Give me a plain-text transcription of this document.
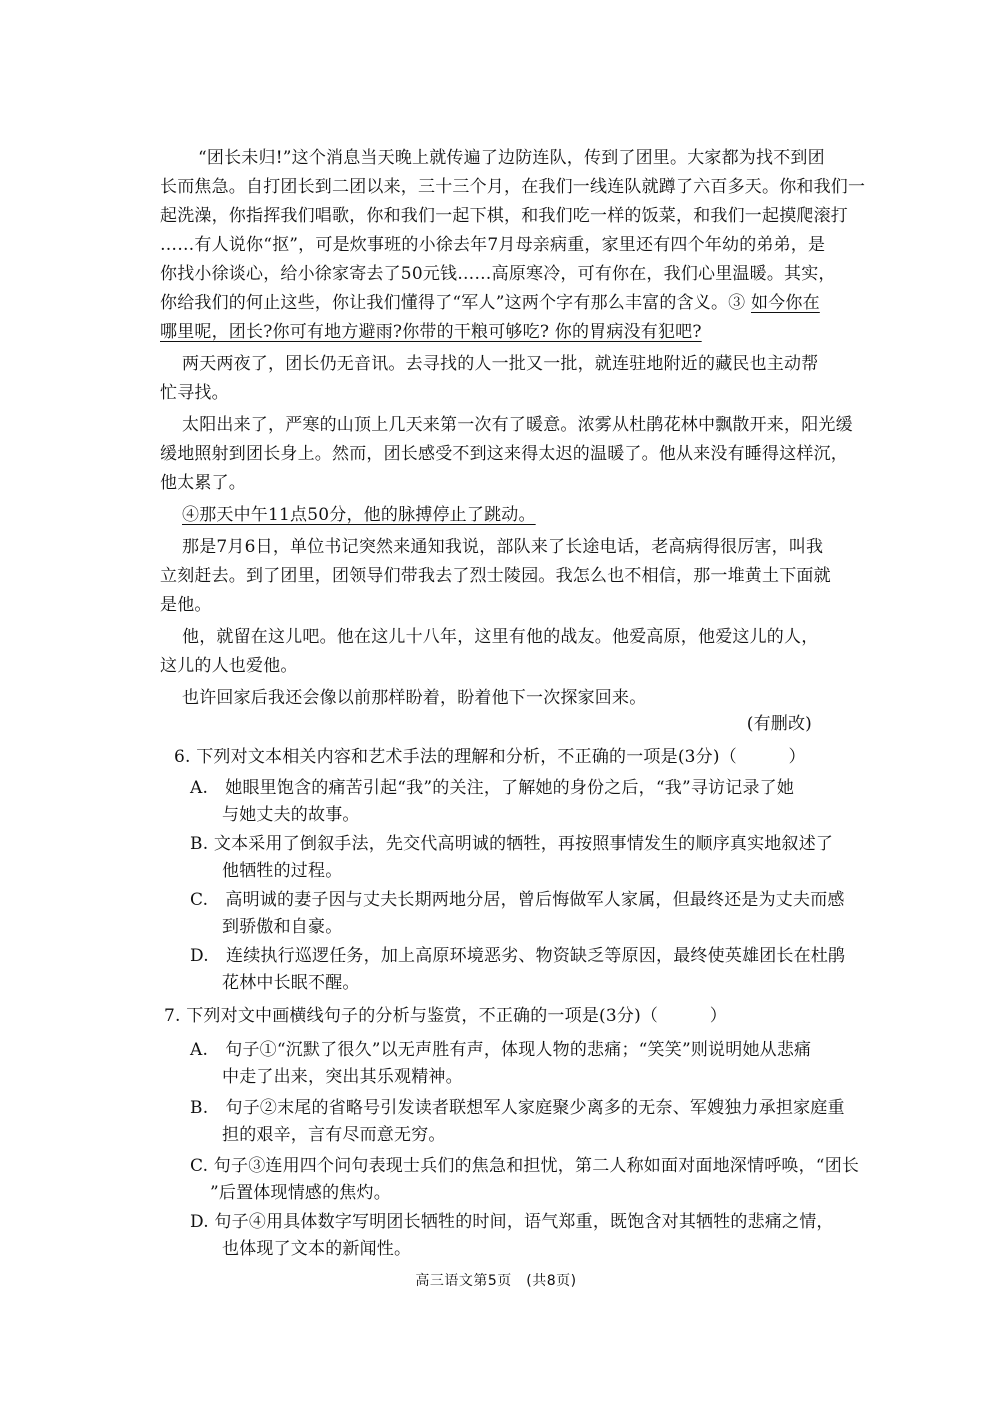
“团长未归!”这个消息当天晚上就传遍了边防连队，传到了团里。大家都为找不到团
长而焦急。自打团长到二团以来，三十三个月，在我们一线连队就蹲了六百多天。你和我们一
起洗澡，你指挥我们唱歌，你和我们一起下棋，和我们吃一样的饭菜，和我们一起摸爬滚打
……有人说你“抠”，可是炊事班的小徐去年7月母亲病重，家里还有四个年幼的弟弟，是
你找小徐谈心，给小徐家寄去了50元钱……高原寒冷，可有你在，我们心里温暖。其实，
你给我们的何止这些，你让我们懂得了“军人”这两个字有那么丰富的含义。③ 如今你在
哪里呢，团长?你可有地方避雨?你带的干粮可够吃? 你的胃病没有犯吧?
两天两夜了，团长仍无音讯。去寻找的人一批又一批，就连驻地附近的藏民也主动帮
忙寻找。
太阳出来了，严寒的山顶上几天来第一次有了暖意。浓雾从杜鹃花林中飘散开来，阳光缓
缓地照射到团长身上。然而，团长感受不到这来得太迟的温暖了。他从来没有睡得这样沉，
他太累了。
④那天中午11点50分，他的脉搏停止了跳动。
那是7月6日，单位书记突然来通知我说，部队来了长途电话，老高病得很厉害，叫我
立刻赶去。到了团里，团领导们带我去了烈士陵园。我怎么也不相信，那一堆黄土下面就
是他。
他，就留在这儿吧。他在这儿十八年，这里有他的战友。他爱高原，他爱这儿的人，
这儿的人也爱他。
也许回家后我还会像以前那样盼着，盼着他下一次探家回来。
(有删改)
6. 下列对文本相关内容和艺术手法的理解和分析，不正确的一项是(3分)（　　　）
A.　她眼里饱含的痛苦引起“我”的关注，了解她的身份之后，“我”寻访记录了她
与她丈夫的故事。
B. 文本采用了倒叙手法，先交代高明诚的牺牲，再按照事情发生的顺序真实地叙述了
他牺牲的过程。
C.　高明诚的妻子因与丈夫长期两地分居，曾后悔做军人家属，但最终还是为丈夫而感
到骄傲和自豪。
D.　连续执行巡逻任务，加上高原环境恶劣、物资缺乏等原因，最终使英雄团长在杜鹃
花林中长眠不醒。
7. 下列对文中画横线句子的分析与鉴赏，不正确的一项是(3分)（　　　）
A.　句子①“沉默了很久”以无声胜有声，体现人物的悲痛；“笑笑”则说明她从悲痛
中走了出来，突出其乐观精神。
B.　句子②末尾的省略号引发读者联想军人家庭聚少离多的无奈、军嫂独力承担家庭重
担的艰辛，言有尽而意无穷。
C. 句子③连用四个问句表现士兵们的焦急和担忧，第二人称如面对面地深情呼唤，“团长
”后置体现情感的焦灼。
D. 句子④用具体数字写明团长牺牲的时间，语气郑重，既饱含对其牺牲的悲痛之情，
也体现了文本的新闻性。
高三语文第5页　(共8页)
